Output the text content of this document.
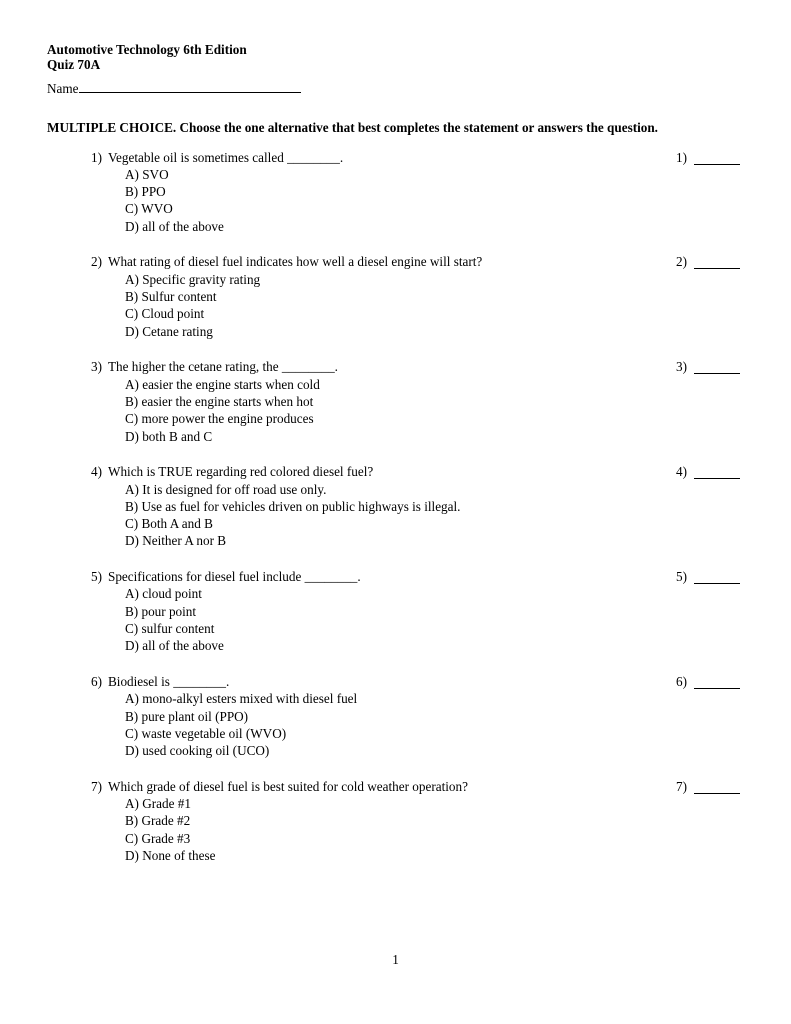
Automotive Technology 6th Edition
Quiz 70A
Name
MULTIPLE CHOICE. Choose the one alternative that best completes the statement or answers the question.
1) Vegetable oil is sometimes called ________.	1)
A) SVO
B) PPO
C) WVO
D) all of the above
2) What rating of diesel fuel indicates how well a diesel engine will start?	2)
A) Specific gravity rating
B) Sulfur content
C) Cloud point
D) Cetane rating
3) The higher the cetane rating, the ________.	3)
A) easier the engine starts when cold
B) easier the engine starts when hot
C) more power the engine produces
D) both B and C
4) Which is TRUE regarding red colored diesel fuel?	4)
A) It is designed for off road use only.
B) Use as fuel for vehicles driven on public highways is illegal.
C) Both A and B
D) Neither A nor B
5) Specifications for diesel fuel include ________.	5)
A) cloud point
B) pour point
C) sulfur content
D) all of the above
6) Biodiesel is ________.	6)
A) mono-alkyl esters mixed with diesel fuel
B) pure plant oil (PPO)
C) waste vegetable oil (WVO)
D) used cooking oil (UCO)
7) Which grade of diesel fuel is best suited for cold weather operation?	7)
A) Grade #1
B) Grade #2
C) Grade #3
D) None of these
1
